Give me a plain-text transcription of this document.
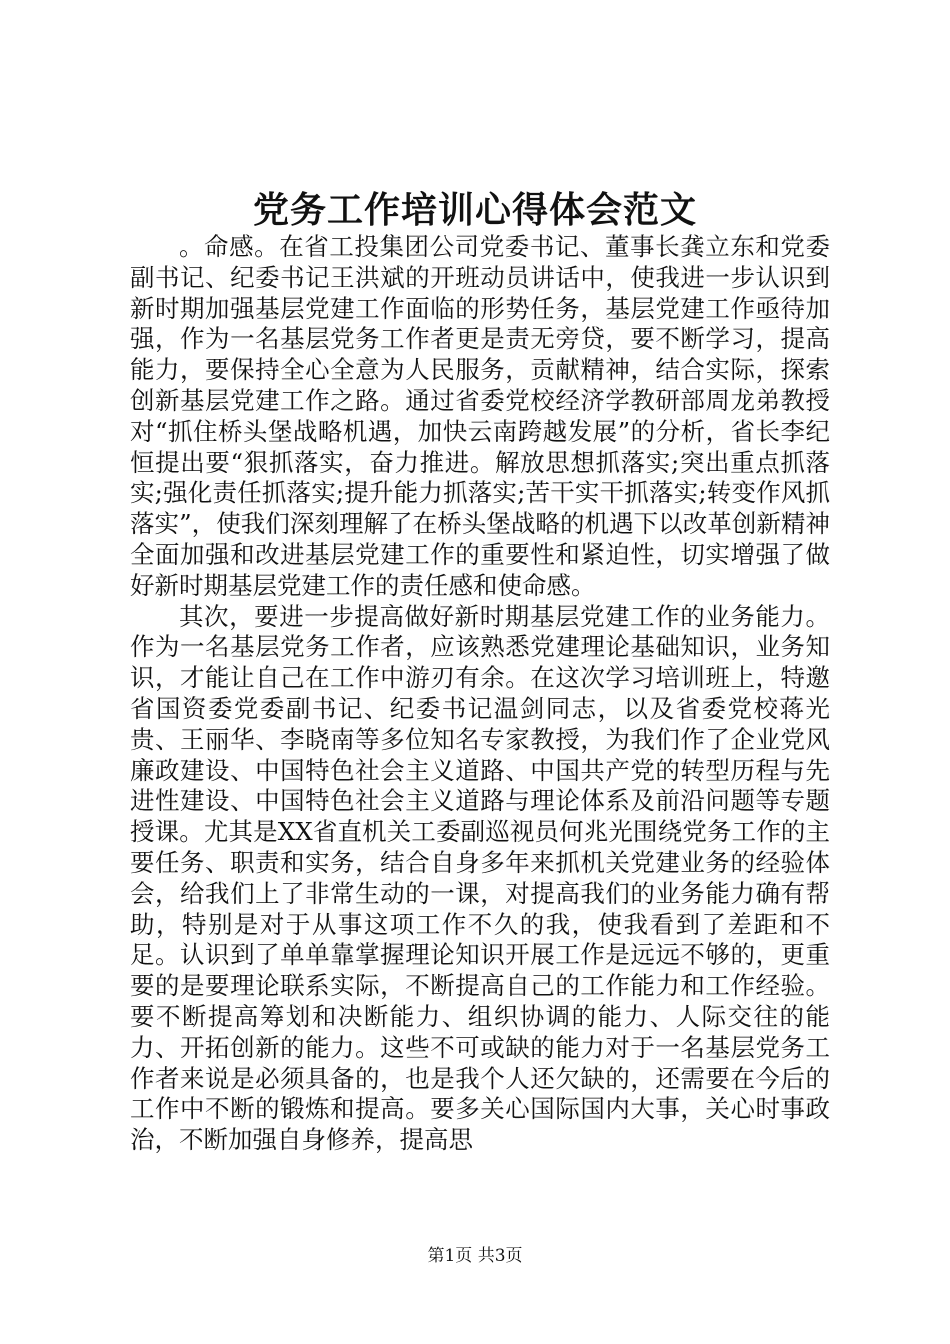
党务工作培训心得体会范文

。命感。在省工投集团公司党委书记、董事长龚立东和党委副书记、纪委书记王洪斌的开班动员讲话中，使我进一步认识到新时期加强基层党建工作面临的形势任务，基层党建工作亟待加强，作为一名基层党务工作者更是责无旁贷，要不断学习，提高能力，要保持全心全意为人民服务，贡献精神，结合实际，探索创新基层党建工作之路。通过省委党校经济学教研部周龙弟教授对“抓住桥头堡战略机遇，加快云南跨越发展”的分析，省长李纪恒提出要“狠抓落实，奋力推进。解放思想抓落实;突出重点抓落实;强化责任抓落实;提升能力抓落实;苦干实干抓落实;转变作风抓落实”，使我们深刻理解了在桥头堡战略的机遇下以改革创新精神全面加强和改进基层党建工作的重要性和紧迫性，切实增强了做好新时期基层党建工作的责任感和使命感。

其次，要进一步提高做好新时期基层党建工作的业务能力。作为一名基层党务工作者，应该熟悉党建理论基础知识，业务知识，才能让自己在工作中游刃有余。在这次学习培训班上，特邀省国资委党委副书记、纪委书记温剑同志，以及省委党校蒋光贵、王丽华、李晓南等多位知名专家教授，为我们作了企业党风廉政建设、中国特色社会主义道路、中国共产党的转型历程与先进性建设、中国特色社会主义道路与理论体系及前沿问题等专题授课。尤其是XX省直机关工委副巡视员何兆光围绕党务工作的主要任务、职责和实务，结合自身多年来抓机关党建业务的经验体会，给我们上了非常生动的一课，对提高我们的业务能力确有帮助，特别是对于从事这项工作不久的我，使我看到了差距和不足。认识到了单单靠掌握理论知识开展工作是远远不够的，更重要的是要理论联系实际，不断提高自己的工作能力和工作经验。要不断提高筹划和决断能力、组织协调的能力、人际交往的能力、开拓创新的能力。这些不可或缺的能力对于一名基层党务工作者来说是必须具备的，也是我个人还欠缺的，还需要在今后的工作中不断的锻炼和提高。要多关心国际国内大事，关心时事政治，不断加强自身修养，提高思

第1页 共3页
